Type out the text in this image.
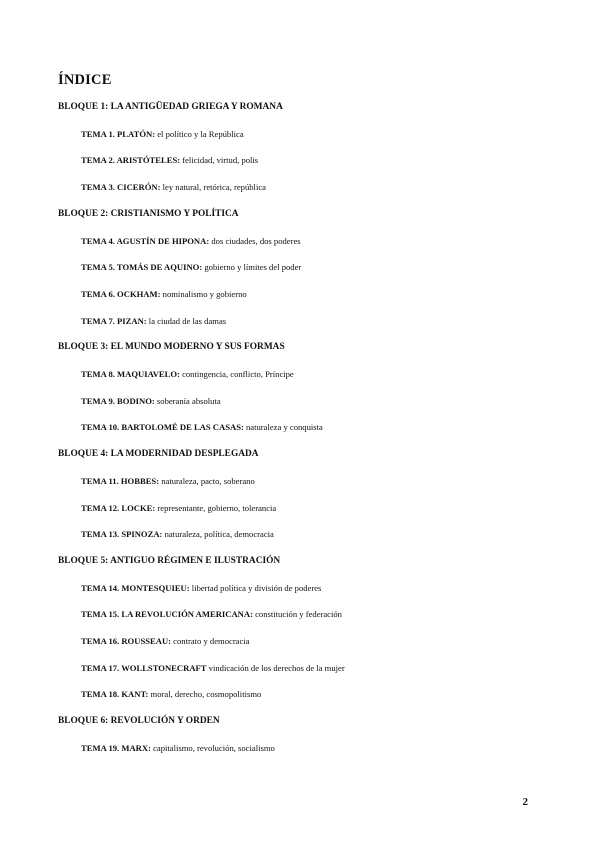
ÍNDICE
BLOQUE 1: LA ANTIGÜEDAD GRIEGA Y ROMANA
TEMA 1. PLATÓN: el político y la República
TEMA 2. ARISTÓTELES: felicidad, virtud, polis
TEMA 3. CICERÓN: ley natural, retórica, república
BLOQUE 2: CRISTIANISMO Y POLÍTICA
TEMA 4. AGUSTÍN DE HIPONA: dos ciudades, dos poderes
TEMA 5. TOMÁS DE AQUINO: gobierno y límites del poder
TEMA 6. OCKHAM: nominalismo y gobierno
TEMA 7. PIZAN: la ciudad de las damas
BLOQUE 3: EL MUNDO MODERNO Y SUS FORMAS
TEMA 8. MAQUIAVELO: contingencia, conflicto, Príncipe
TEMA 9. BODINO: soberanía absoluta
TEMA 10. BARTOLOMÉ DE LAS CASAS: naturaleza y conquista
BLOQUE 4: LA MODERNIDAD DESPLEGADA
TEMA 11. HOBBES: naturaleza, pacto, soberano
TEMA 12. LOCKE: representante, gobierno, tolerancia
TEMA 13. SPINOZA: naturaleza, política, democracia
BLOQUE 5: ANTIGUO RÉGIMEN E ILUSTRACIÓN
TEMA 14. MONTESQUIEU: libertad política y división de poderes
TEMA 15. LA REVOLUCIÓN AMERICANA: constitución y federación
TEMA 16. ROUSSEAU: contrato y democracia
TEMA 17. WOLLSTONECRAFT vindicación de los derechos de la mujer
TEMA 18. KANT: moral, derecho, cosmopolitismo
BLOQUE 6: REVOLUCIÓN Y ORDEN
TEMA 19. MARX: capitalismo, revolución, socialismo
2
